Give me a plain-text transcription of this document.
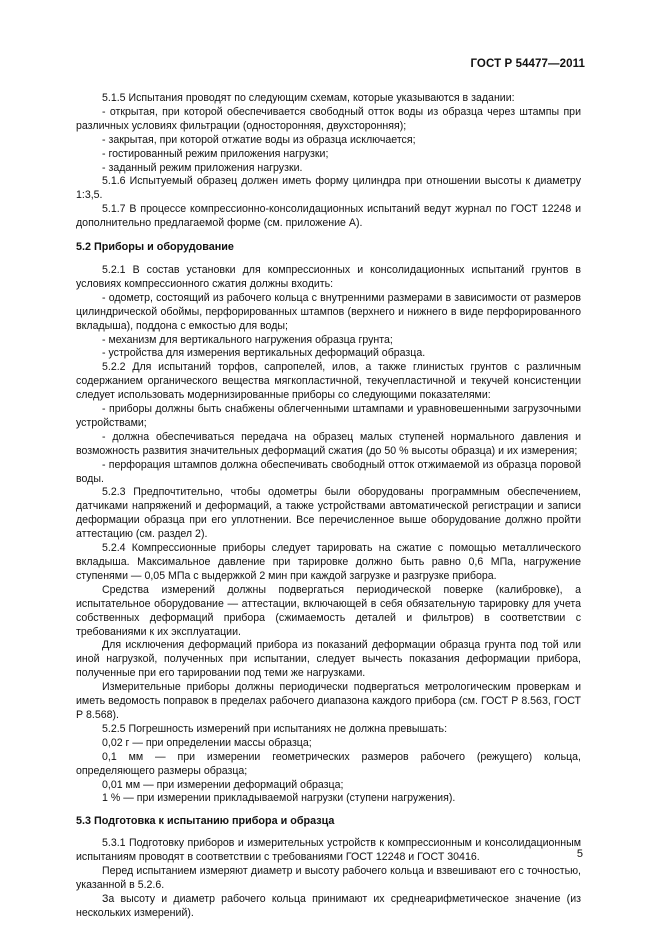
ГОСТ Р 54477—2011

5.1.5 Испытания проводят по следующим схемам, которые указываются в задании:

- открытая, при которой обеспечивается свободный отток воды из образца через штампы при различных условиях фильтрации (односторонняя, двухсторонняя);

- закрытая, при которой отжатие воды из образца исключается;

- гостированный режим приложения нагрузки;

- заданный режим приложения нагрузки.

5.1.6 Испытуемый образец должен иметь форму цилиндра при отношении высоты к диаметру 1:3,5.

5.1.7 В процессе компрессионно-консолидационных испытаний ведут журнал по ГОСТ 12248 и дополнительно предлагаемой форме (см. приложение А).

5.2 Приборы и оборудование

5.2.1 В состав установки для компрессионных и консолидационных испытаний грунтов в условиях компрессионного сжатия должны входить:

- одометр, состоящий из рабочего кольца с внутренними размерами в зависимости от размеров цилиндрической обоймы, перфорированных штампов (верхнего и нижнего в виде перфорированного вкладыша), поддона с емкостью для воды;

- механизм для вертикального нагружения образца грунта;

- устройства для измерения вертикальных деформаций образца.

5.2.2 Для испытаний торфов, сапропелей, илов, а также глинистых грунтов с различным содержанием органического вещества мягкопластичной, текучепластичной и текучей консистенции следует использовать модернизированные приборы со следующими показателями:

- приборы должны быть снабжены облегченными штампами и уравновешенными загрузочными устройствами;

- должна обеспечиваться передача на образец малых ступеней нормального давления и возможность развития значительных деформаций сжатия (до 50 % высоты образца) и их измерения;

- перфорация штампов должна обеспечивать свободный отток отжимаемой из образца поровой воды.

5.2.3 Предпочтительно, чтобы одометры были оборудованы программным обеспечением, датчиками напряжений и деформаций, а также устройствами автоматической регистрации и записи деформации образца при его уплотнении. Все перечисленное выше оборудование должно пройти аттестацию (см. раздел 2).

5.2.4 Компрессионные приборы следует тарировать на сжатие с помощью металлического вкладыша. Максимальное давление при тарировке должно быть равно 0,6 МПа, нагружение ступенями — 0,05 МПа с выдержкой 2 мин при каждой загрузке и разгрузке прибора.

Средства измерений должны подвергаться периодической поверке (калибровке), а испытательное оборудование — аттестации, включающей в себя обязательную тарировку для учета собственных деформаций прибора (сжимаемость деталей и фильтров) в соответствии с требованиями к их эксплуатации.

Для исключения деформаций прибора из показаний деформации образца грунта под той или иной нагрузкой, полученных при испытании, следует вычесть показания деформации прибора, полученные при его тарировании под теми же нагрузками.

Измерительные приборы должны периодически подвергаться метрологическим проверкам и иметь ведомость поправок в пределах рабочего диапазона каждого прибора (см. ГОСТ Р 8.563, ГОСТ Р 8.568).

5.2.5 Погрешность измерений при испытаниях не должна превышать:

0,02 г — при определении массы образца;

0,1 мм — при измерении геометрических размеров рабочего (режущего) кольца, определяющего размеры образца;

0,01 мм — при измерении деформаций образца;

1 % — при измерении прикладываемой нагрузки (ступени нагружения).

5.3 Подготовка к испытанию прибора и образца

5.3.1 Подготовку приборов и измерительных устройств к компрессионным и консолидационным испытаниям проводят в соответствии с требованиями ГОСТ 12248 и ГОСТ 30416.

Перед испытанием измеряют диаметр и высоту рабочего кольца и взвешивают его с точностью, указанной в 5.2.6.

За высоту и диаметр рабочего кольца принимают их среднеарифметическое значение (из нескольких измерений).

5
